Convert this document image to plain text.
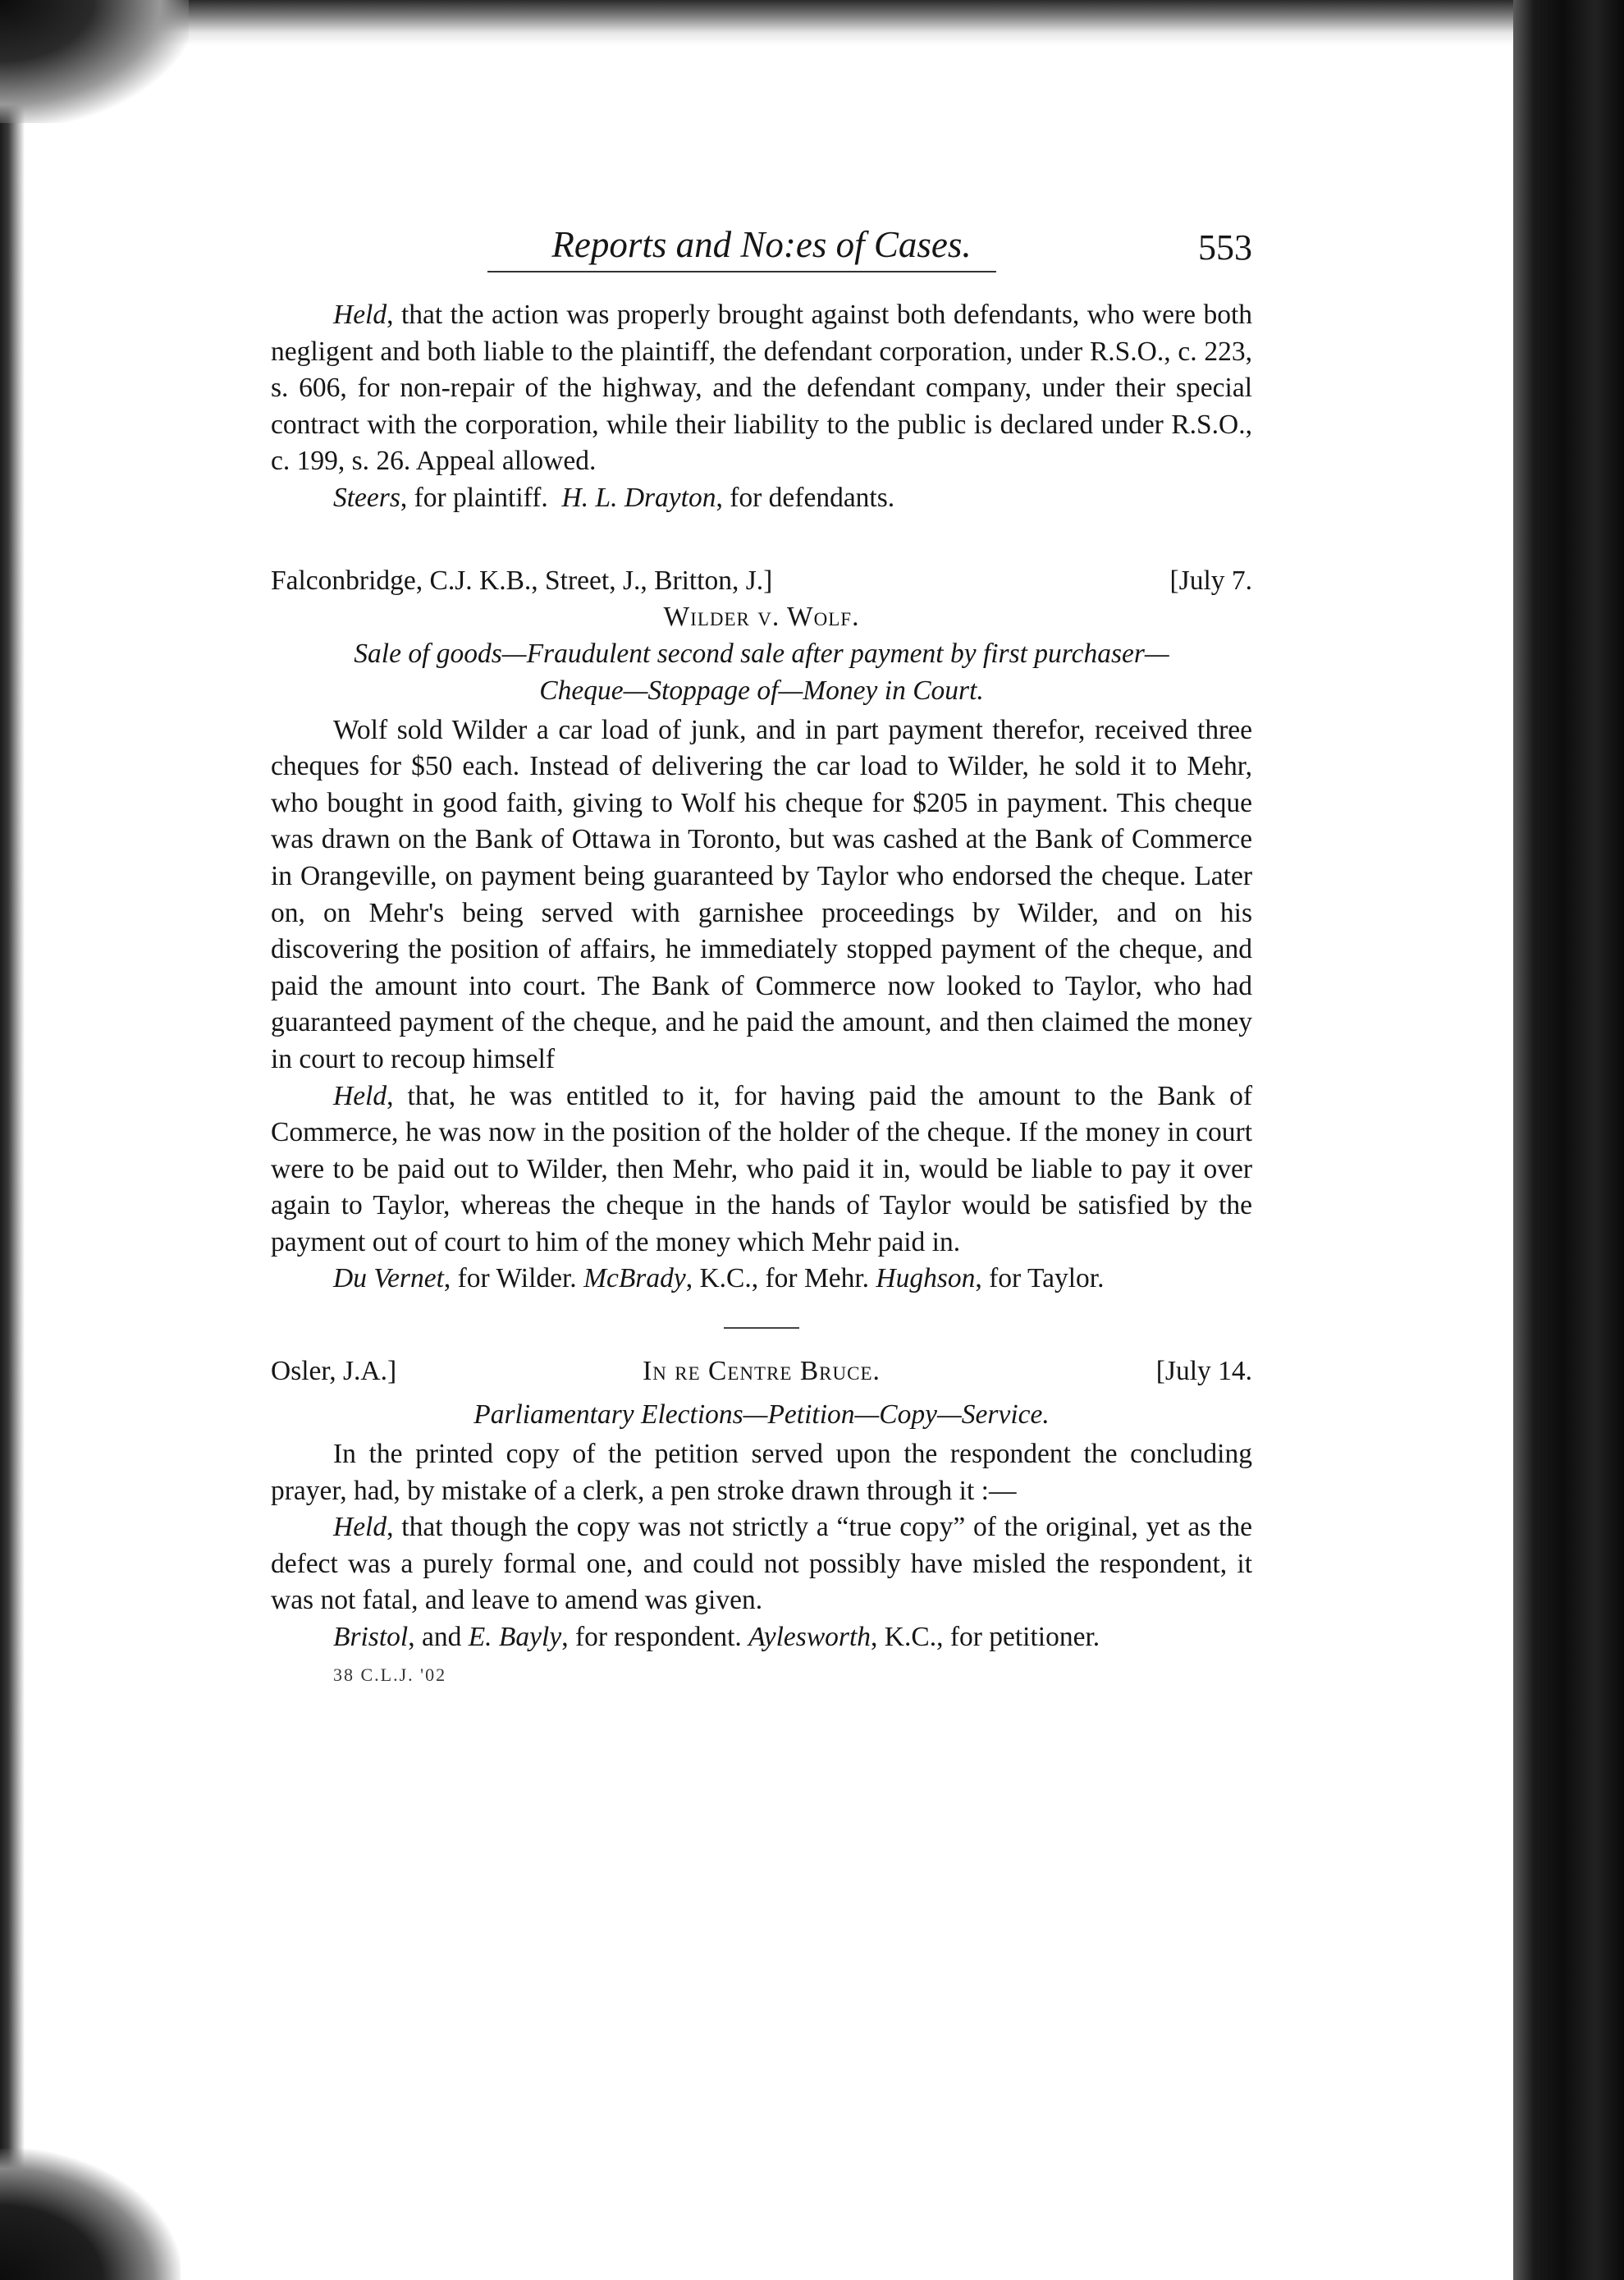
Reports and No:es of Cases.	553

Held, that the action was properly brought against both defendants, who were both negligent and both liable to the plaintiff, the defendant corporation, under R.S.O., c. 223, s. 606, for non-repair of the highway, and the defendant company, under their special contract with the corporation, while their liability to the public is declared under R.S.O., c. 199, s. 26. Appeal allowed.

Steers, for plaintiff. H. L. Drayton, for defendants.

Falconbridge, C.J. K.B., Street, J., Britton, J.]	[July 7.
Wilder v. Wolf.
Sale of goods—Fraudulent second sale after payment by first purchaser—
Cheque—Stoppage of—Money in Court.

Wolf sold Wilder a car load of junk, and in part payment therefor, received three cheques for $50 each. Instead of delivering the car load to Wilder, he sold it to Mehr, who bought in good faith, giving to Wolf his cheque for $205 in payment. This cheque was drawn on the Bank of Ottawa in Toronto, but was cashed at the Bank of Commerce in Orangeville, on payment being guaranteed by Taylor who endorsed the cheque. Later on, on Mehr's being served with garnishee proceedings by Wilder, and on his discovering the position of affairs, he immediately stopped payment of the cheque, and paid the amount into court. The Bank of Commerce now looked to Taylor, who had guaranteed payment of the cheque, and he paid the amount, and then claimed the money in court to recoup himself

Held, that, he was entitled to it, for having paid the amount to the Bank of Commerce, he was now in the position of the holder of the cheque. If the money in court were to be paid out to Wilder, then Mehr, who paid it in, would be liable to pay it over again to Taylor, whereas the cheque in the hands of Taylor would be satisfied by the payment out of court to him of the money which Mehr paid in.

Du Vernet, for Wilder. McBrady, K.C., for Mehr. Hughson, for Taylor.

Osler, J.A.]	In re Centre Bruce.	[July 14.
Parliamentary Elections—Petition—Copy—Service.

In the printed copy of the petition served upon the respondent the concluding prayer, had, by mistake of a clerk, a pen stroke drawn through it :—

Held, that though the copy was not strictly a “true copy” of the original, yet as the defect was a purely formal one, and could not possibly have misled the respondent, it was not fatal, and leave to amend was given.

Bristol, and E. Bayly, for respondent. Aylesworth, K.C., for petitioner.

38 C.L.J. '02
